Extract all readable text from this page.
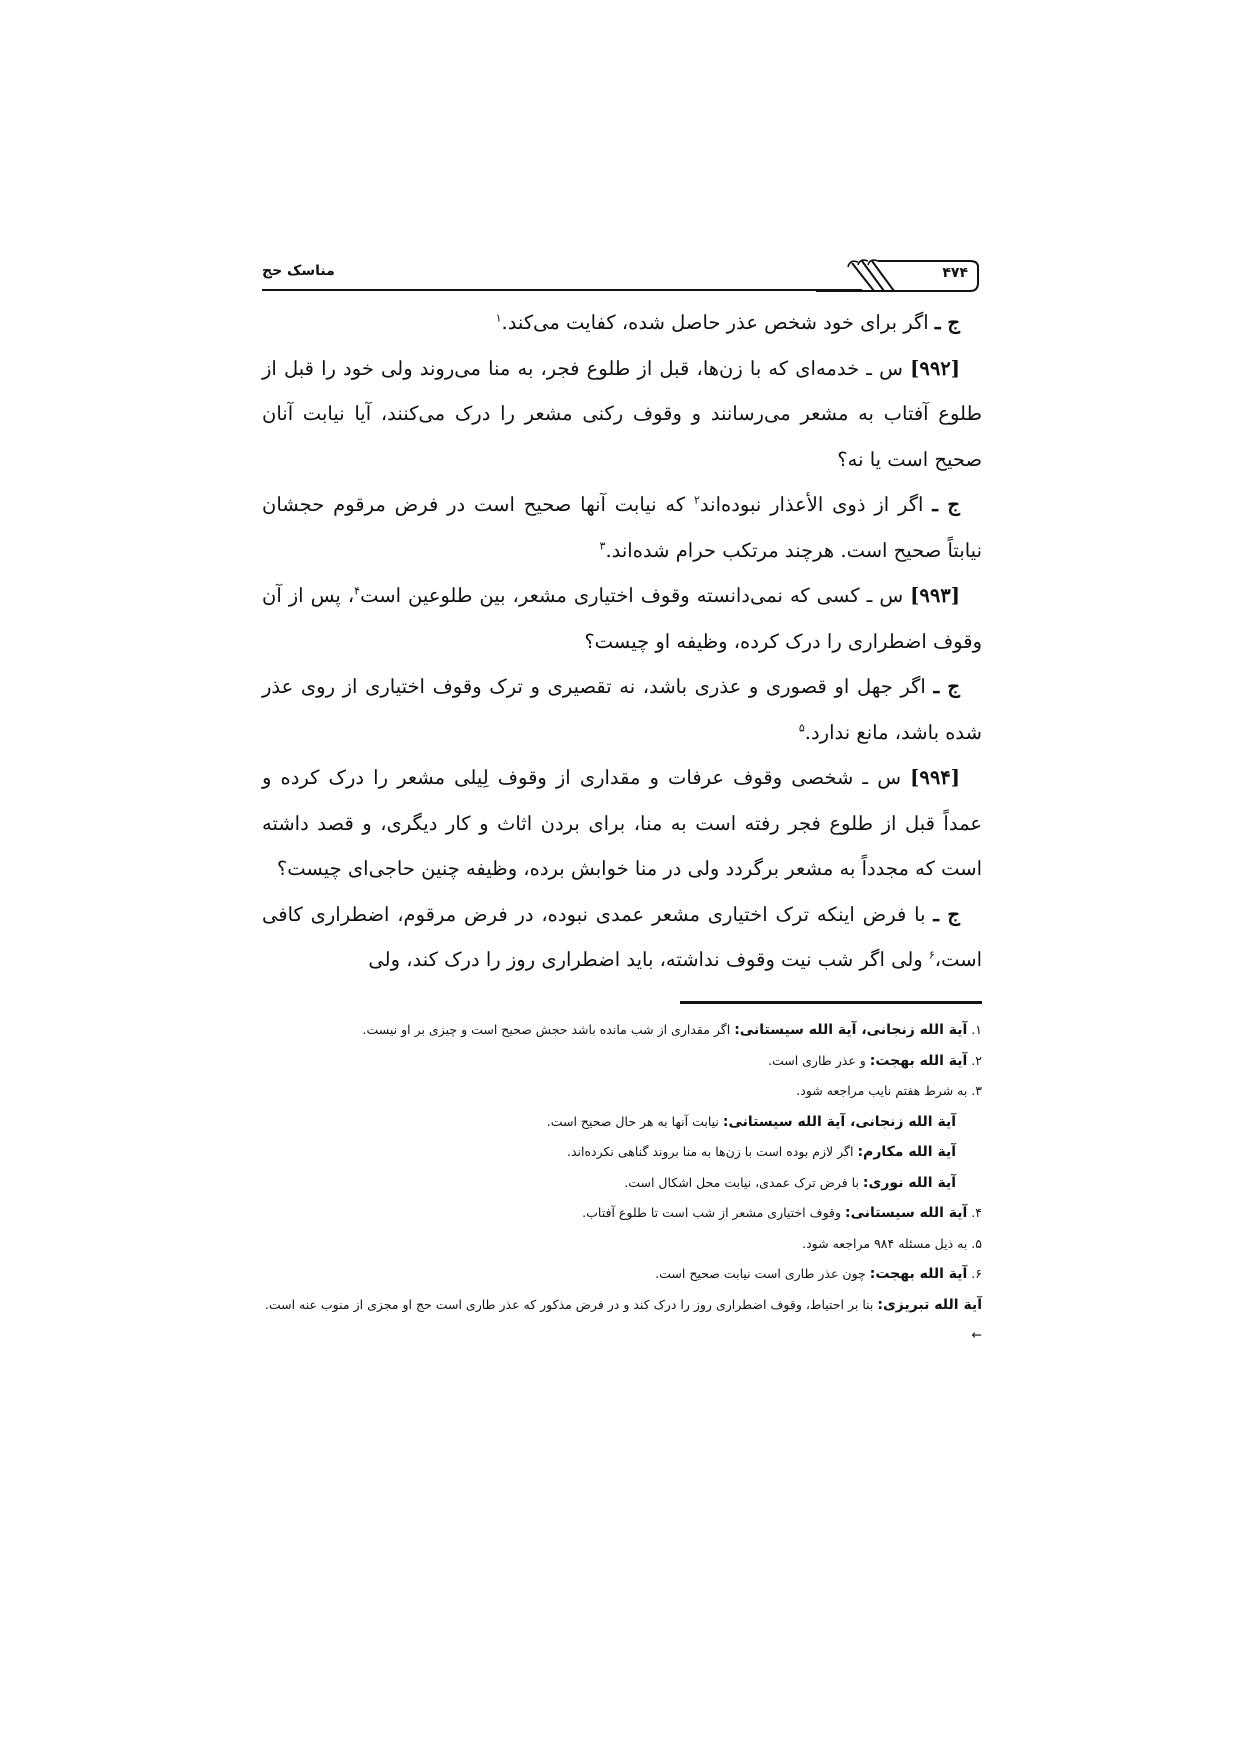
مناسک حج	۴۷۴

ج ـ اگر برای خود شخص عذر حاصل شده، کفایت می‌کند.$^۱$

[۹۹۲] س ـ خدمه‌ای که با زن‌ها، قبل از طلوع فجر، به منا می‌روند ولی خود را قبل از طلوع آفتاب به مشعر می‌رسانند و وقوف رکنی مشعر را درک می‌کنند، آیا نیابت آنان صحیح است یا نه؟

ج ـ اگر از ذوی الأعذار نبوده‌اند$^۲$ که نیابت آنها صحیح است در فرض مرقوم حجشان نیابتاً صحیح است. هرچند مرتکب حرام شده‌اند.$^۳$

[۹۹۳] س ـ کسی که نمی‌دانسته وقوف اختیاری مشعر، بین طلوعین است$^۴$، پس از آن وقوف اضطراری را درک کرده، وظیفه او چیست؟

ج ـ اگر جهل او قصوری و عذری باشد، نه تقصیری و ترک وقوف اختیاری از روی عذر شده باشد، مانع ندارد.$^۵$

[۹۹۴] س ـ شخصی وقوف عرفات و مقداری از وقوف لِیلی مشعر را درک کرده و عمداً قبل از طلوع فجر رفته است به منا، برای بردن اثاث و کار دیگری، و قصد داشته است که مجدداً به مشعر برگردد ولی در منا خوابش برده، وظیفه چنین حاجی‌ای چیست؟

ج ـ با فرض اینکه ترک اختیاری مشعر عمدی نبوده، در فرض مرقوم، اضطراری کافی است،$^۶$ ولی اگر شب نیت وقوف نداشته، باید اضطراری روز را درک کند، ولی

۱. آیة الله زنجانی، آیة الله سیستانی: اگر مقداری از شب مانده باشد حجش صحیح است و چیزی بر او نیست.

۲. آیة الله بهجت: و عذر طاری است.

۳. به شرط هفتم نایب مراجعه شود.

آیة الله زنجانی، آیة الله سیستانی: نیابت آنها به هر حال صحیح است.

آیة الله مکارم: اگر لازم بوده است با زن‌ها به منا بروند گناهی نکرده‌اند.

آیة الله نوری: با فرض ترک عمدی، نیابت محل اشکال است.

۴. آیة الله سیستانی: وقوف اختیاری مشعر از شب است تا طلوع آفتاب.

۵. به ذیل مسئله ۹۸۴ مراجعه شود.

۶. آیة الله بهجت: چون عذر طاری است نیابت صحیح است.

آیة الله تبریزی: بنا بر احتیاط، وقوف اضطراری روز را درک کند و در فرض مذکور که عذر طاری است حج او مجزی از منوب عنه است. ←
